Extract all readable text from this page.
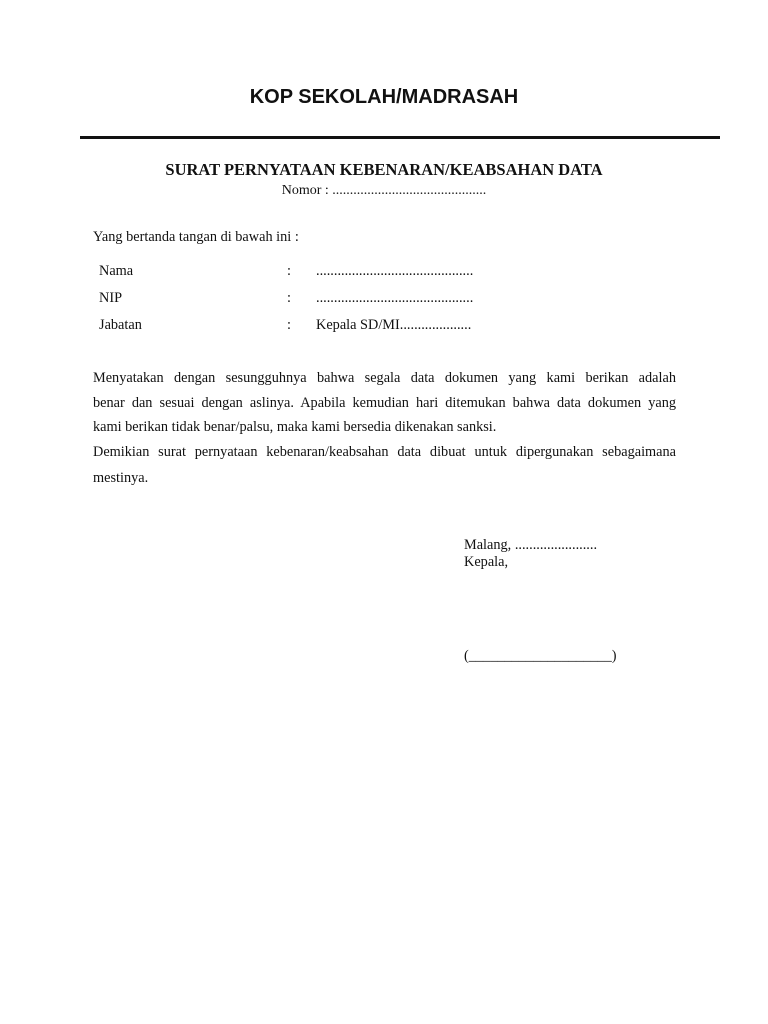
KOP SEKOLAH/MADRASAH
SURAT PERNYATAAN KEBENARAN/KEABSAHAN DATA
Nomor : ............................................
Yang bertanda tangan di bawah ini :
Nama	: ............................................
NIP	: ............................................
Jabatan	: Kepala SD/MI....................
Menyatakan dengan sesungguhnya bahwa segala data dokumen yang kami berikan adalah
benar dan sesuai dengan aslinya. Apabila kemudian hari ditemukan bahwa data dokumen yang
kami berikan tidak benar/palsu, maka kami bersedia dikenakan sanksi.
Demikian surat pernyataan kebenaran/keabsahan data dibuat untuk dipergunakan sebagaimana
mestinya.
Malang, .......................
Kepala,
(____________________)
